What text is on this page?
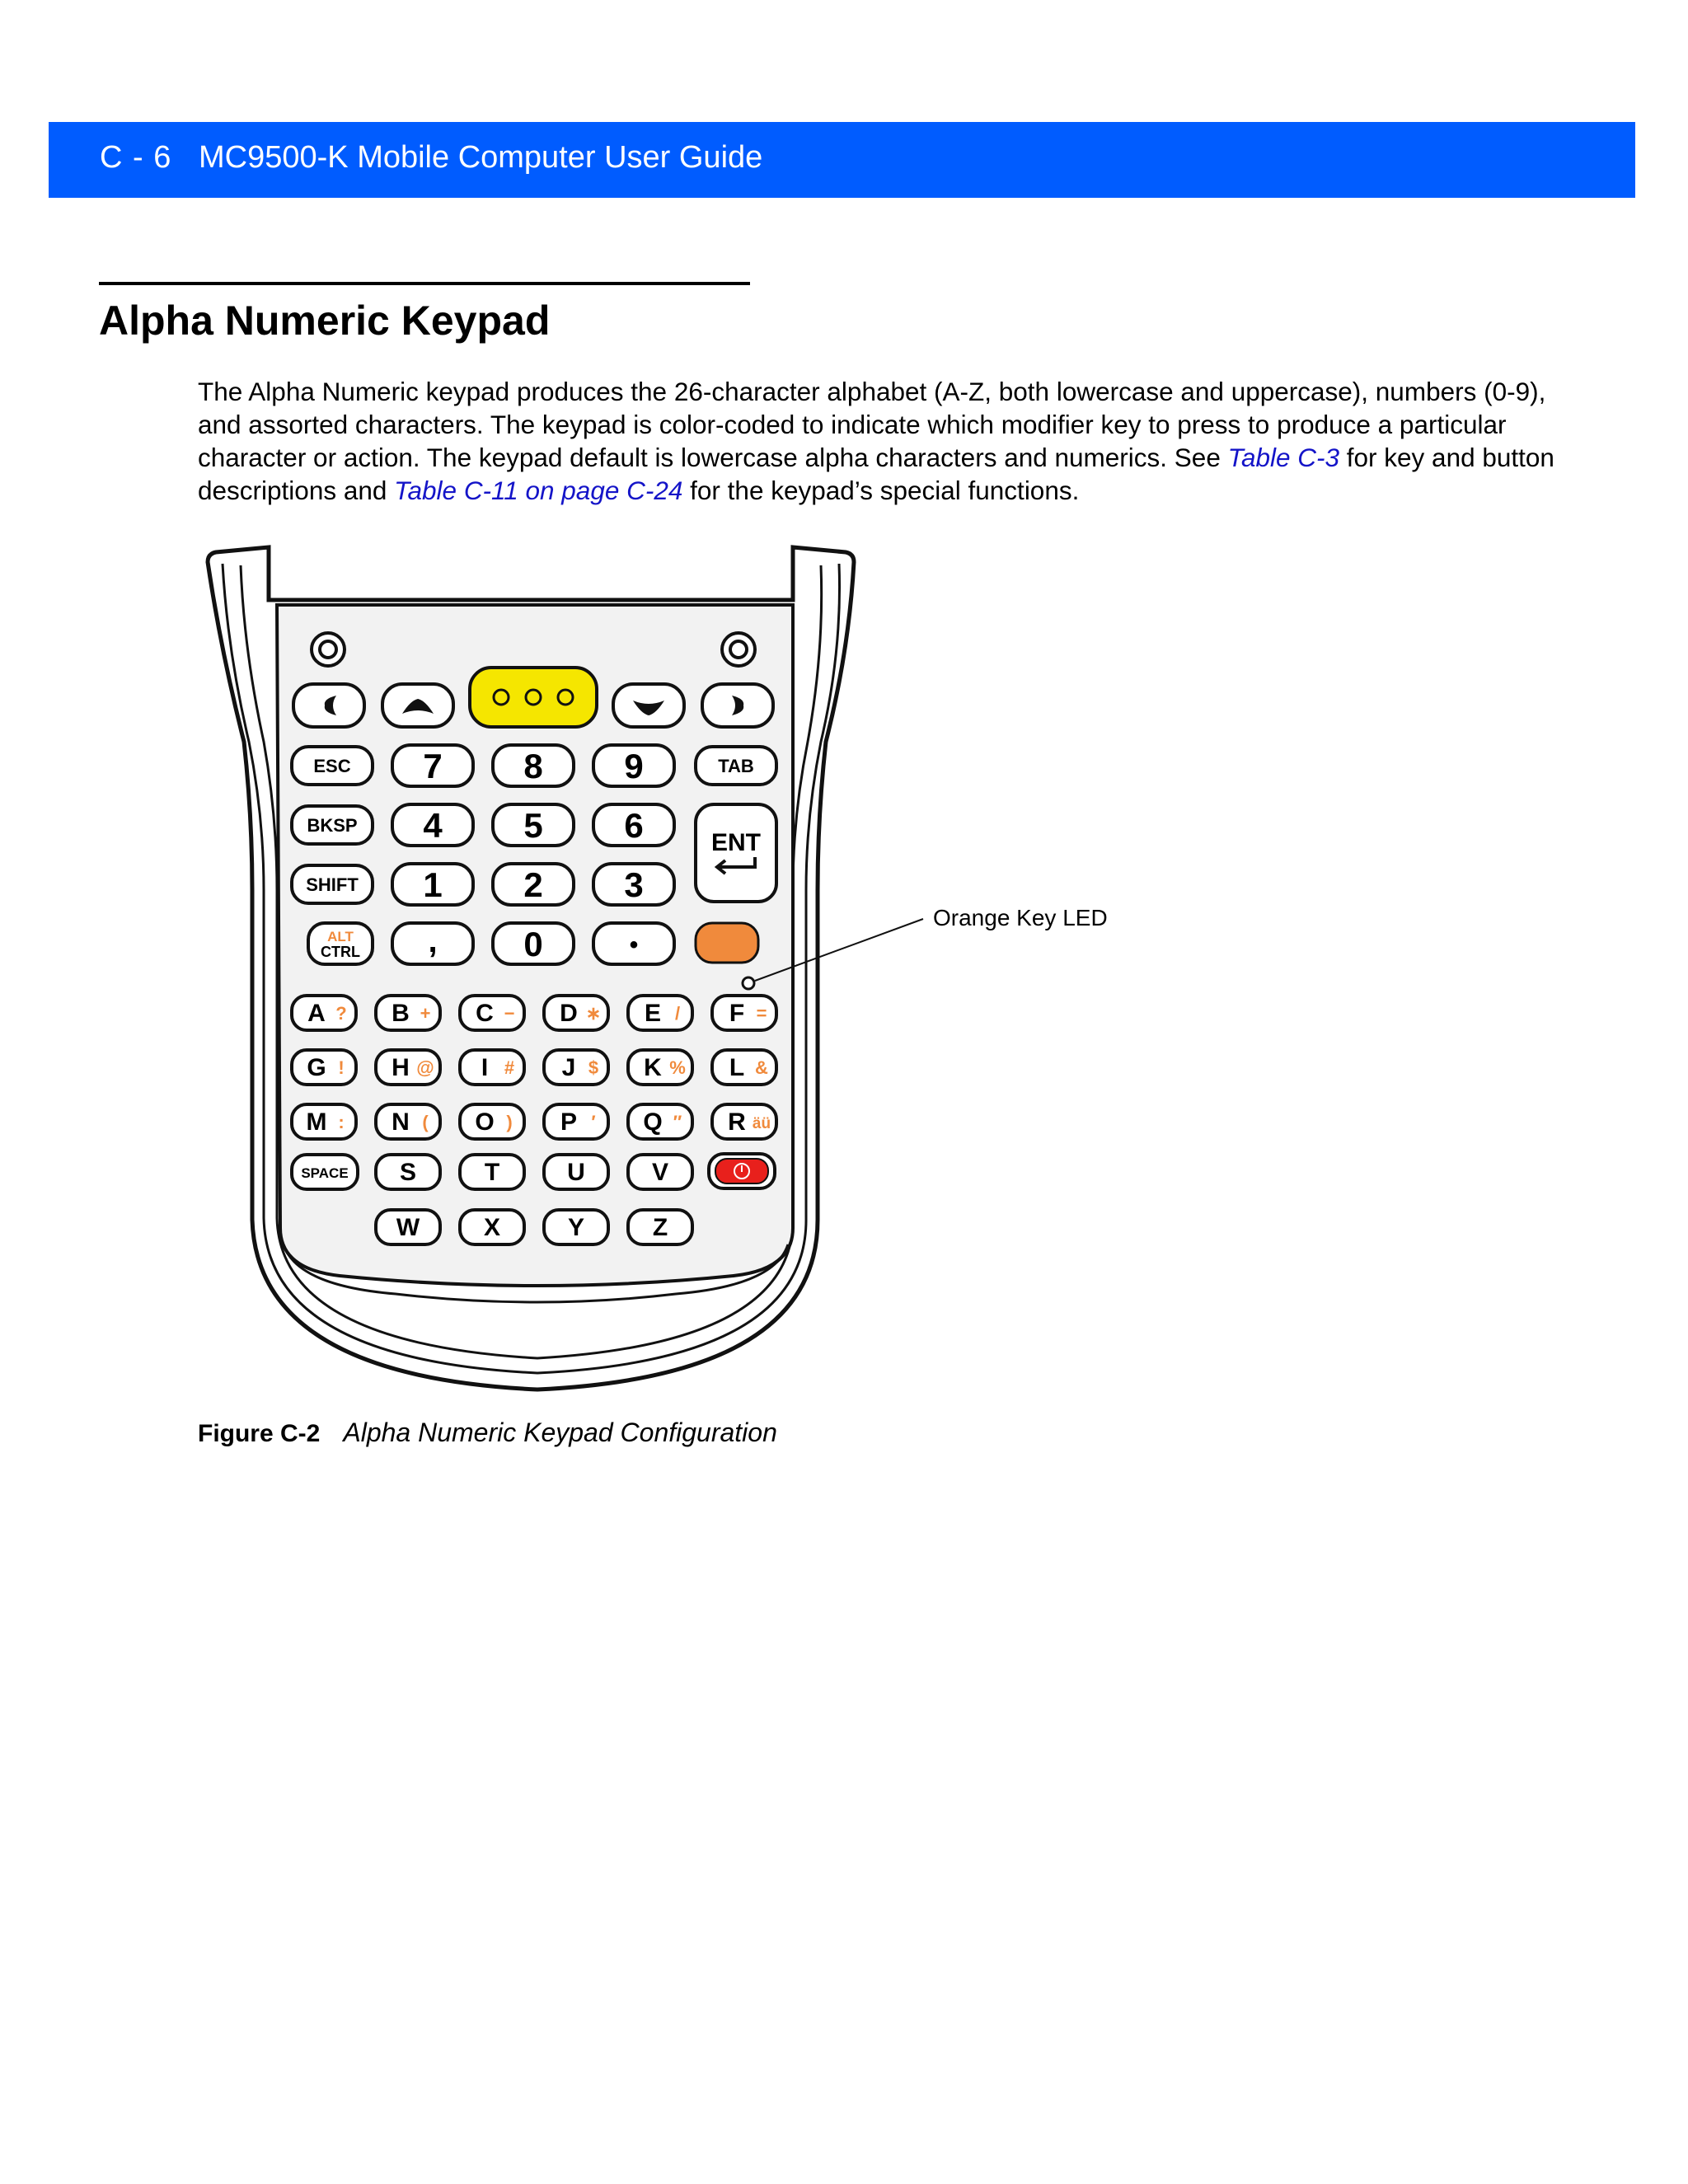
C - 6 MC9500-K Mobile Computer User Guide
Alpha Numeric Keypad

The Alpha Numeric keypad produces the 26-character alphabet (A-Z, both lowercase and uppercase), numbers (0-9), and assorted characters. The keypad is color-coded to indicate which modifier key to press to produce a particular character or action. The keypad default is lowercase alpha characters and numerics. See Table C-3 for key and button descriptions and Table C-11 on page C-24 for the keypad’s special functions.

ESC 7 8 9	TAB
BKSP 4 5 6	ENT
SHIFT 1 2 3
ALT
CTRL , 0	•
Orange Key LED
A ? B + C − D ∗ E / F =
G ! H @ I # J $ K % L &
M : N ( O ) P ′ Q ″ R äü
S	T	U	V
W	X	Y	Z
SPACE
Figure C-2 Alpha Numeric Keypad Configuration
